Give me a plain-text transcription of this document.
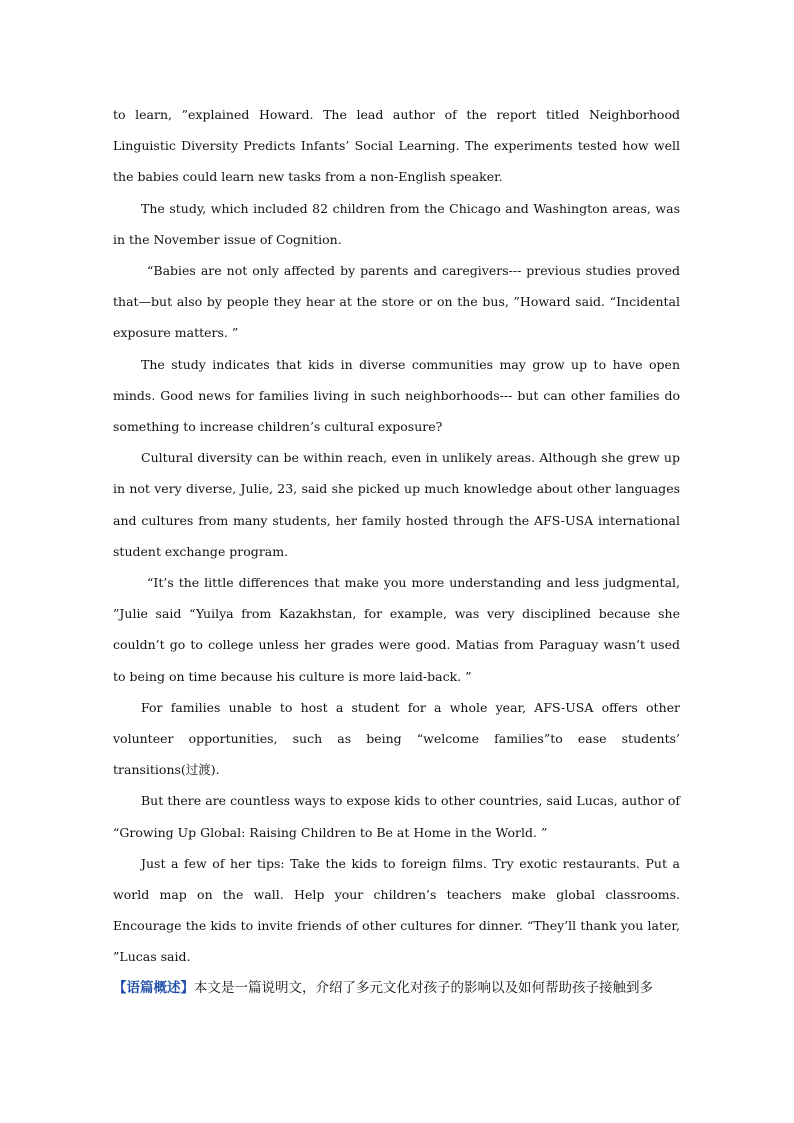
to learn, ”explained Howard. The lead author of the report titled Neighborhood Linguistic Diversity Predicts Infants’ Social Learning. The experiments tested how well the babies could learn new tasks from a non-English speaker.

The study, which included 82 children from the Chicago and Washington areas, was in the November issue of Cognition.

“Babies are not only affected by parents and caregivers--- previous studies proved that—but also by people they hear at the store or on the bus, ”Howard said. “Incidental exposure matters. ”

The study indicates that kids in diverse communities may grow up to have open minds. Good news for families living in such neighborhoods--- but can other families do something to increase children’s cultural exposure?

Cultural diversity can be within reach, even in unlikely areas. Although she grew up in not very diverse, Julie, 23, said she picked up much knowledge about other languages and cultures from many students, her family hosted through the AFS-USA international student exchange program.

“It’s the little differences that make you more understanding and less judgmental, ”Julie said “Yuilya from Kazakhstan, for example, was very disciplined because she couldn’t go to college unless her grades were good. Matias from Paraguay wasn’t used to being on time because his culture is more laid-back. ”

For families unable to host a student for a whole year, AFS-USA offers other volunteer opportunities, such as being “welcome families”to ease students’ transitions(过渡).

But there are countless ways to expose kids to other countries, said Lucas, author of “Growing Up Global: Raising Children to Be at Home in the World. ”

Just a few of her tips: Take the kids to foreign films. Try exotic restaurants. Put a world map on the wall. Help your children’s teachers make global classrooms. Encourage the kids to invite friends of other cultures for dinner. “They’ll thank you later, ”Lucas said.

【语篇概述】本文是一篇说明文，介绍了多元文化对孩子的影响以及如何帮助孩子接触到多
